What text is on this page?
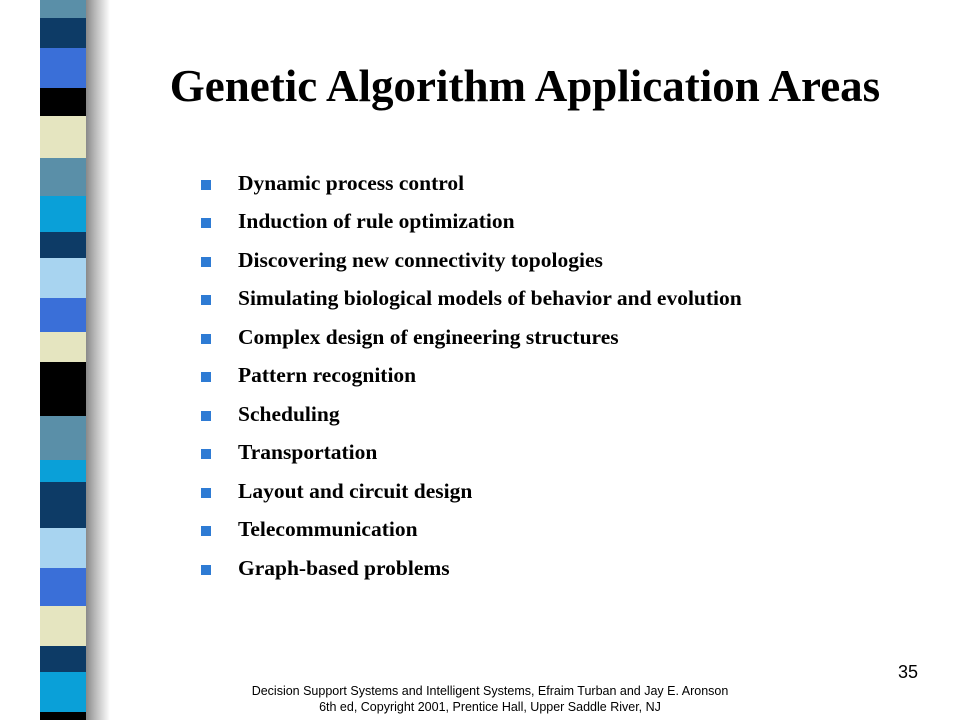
Genetic Algorithm Application Areas
Dynamic process control
Induction of rule optimization
Discovering new connectivity topologies
Simulating biological models of behavior and evolution
Complex design of engineering structures
Pattern recognition
Scheduling
Transportation
Layout and circuit design
Telecommunication
Graph-based problems
Decision Support Systems and Intelligent Systems, Efraim Turban and Jay E. Aronson
6th ed, Copyright 2001, Prentice Hall, Upper Saddle River, NJ
35
